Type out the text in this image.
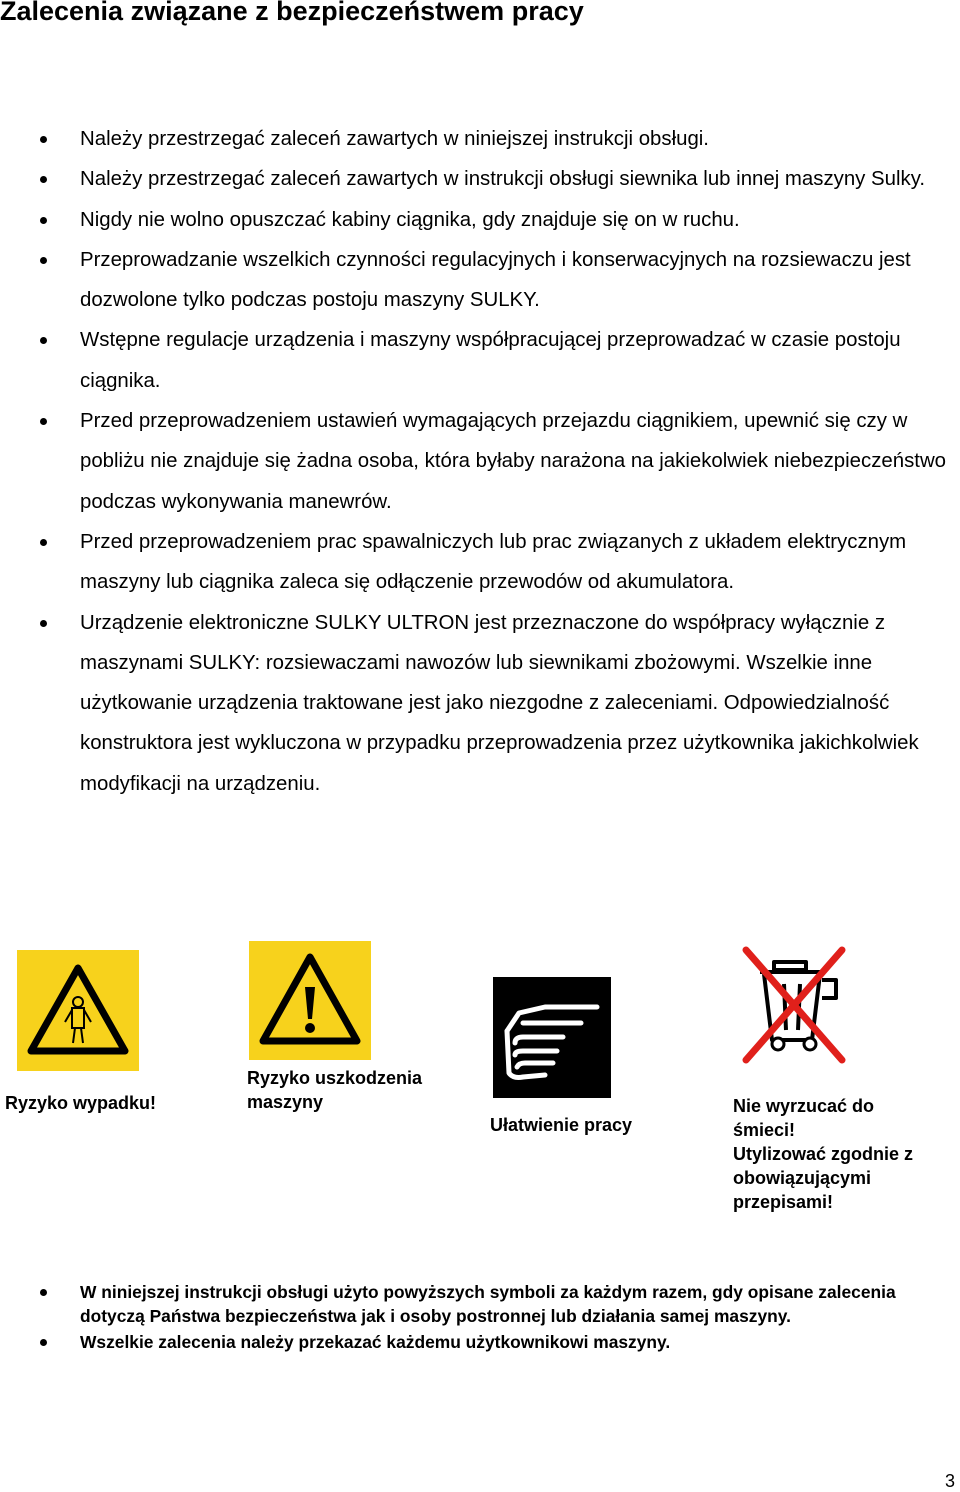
Zalecenia związane z bezpieczeństwem pracy
Należy przestrzegać zaleceń zawartych w niniejszej instrukcji obsługi.
Należy przestrzegać zaleceń zawartych w instrukcji obsługi siewnika lub innej maszyny Sulky.
Nigdy nie wolno opuszczać kabiny ciągnika, gdy znajduje się on w ruchu.
Przeprowadzanie wszelkich czynności regulacyjnych i konserwacyjnych na rozsiewaczu jest dozwolone tylko podczas postoju maszyny SULKY.
Wstępne regulacje urządzenia i maszyny współpracującej przeprowadzać w czasie postoju ciągnika.
Przed przeprowadzeniem ustawień wymagających przejazdu ciągnikiem, upewnić się czy w pobliżu nie znajduje się żadna osoba, która byłaby narażona na jakiekolwiek niebezpieczeństwo podczas wykonywania manewrów.
Przed przeprowadzeniem prac spawalniczych lub prac związanych z układem elektrycznym maszyny lub ciągnika zaleca się odłączenie przewodów od akumulatora.
Urządzenie elektroniczne SULKY ULTRON jest przeznaczone do współpracy wyłącznie z maszynami SULKY: rozsiewaczami nawozów lub siewnikami zbożowymi. Wszelkie inne użytkowanie urządzenia traktowane jest jako niezgodne z zaleceniami. Odpowiedzialność konstruktora jest wykluczona w przypadku przeprowadzenia przez użytkownika jakichkolwiek modyfikacji na urządzeniu.

Ryzyko wypadku!

Ryzyko uszkodzenia maszyny

Ułatwienie pracy

Nie wyrzucać do
śmieci!
Utylizować zgodnie z
obowiązującymi
przepisami!

W niniejszej instrukcji obsługi użyto powyższych symboli za każdym razem, gdy opisane zalecenia dotyczą Państwa bezpieczeństwa jak i osoby postronnej lub działania samej maszyny.
Wszelkie zalecenia należy przekazać każdemu użytkownikowi maszyny.
3
